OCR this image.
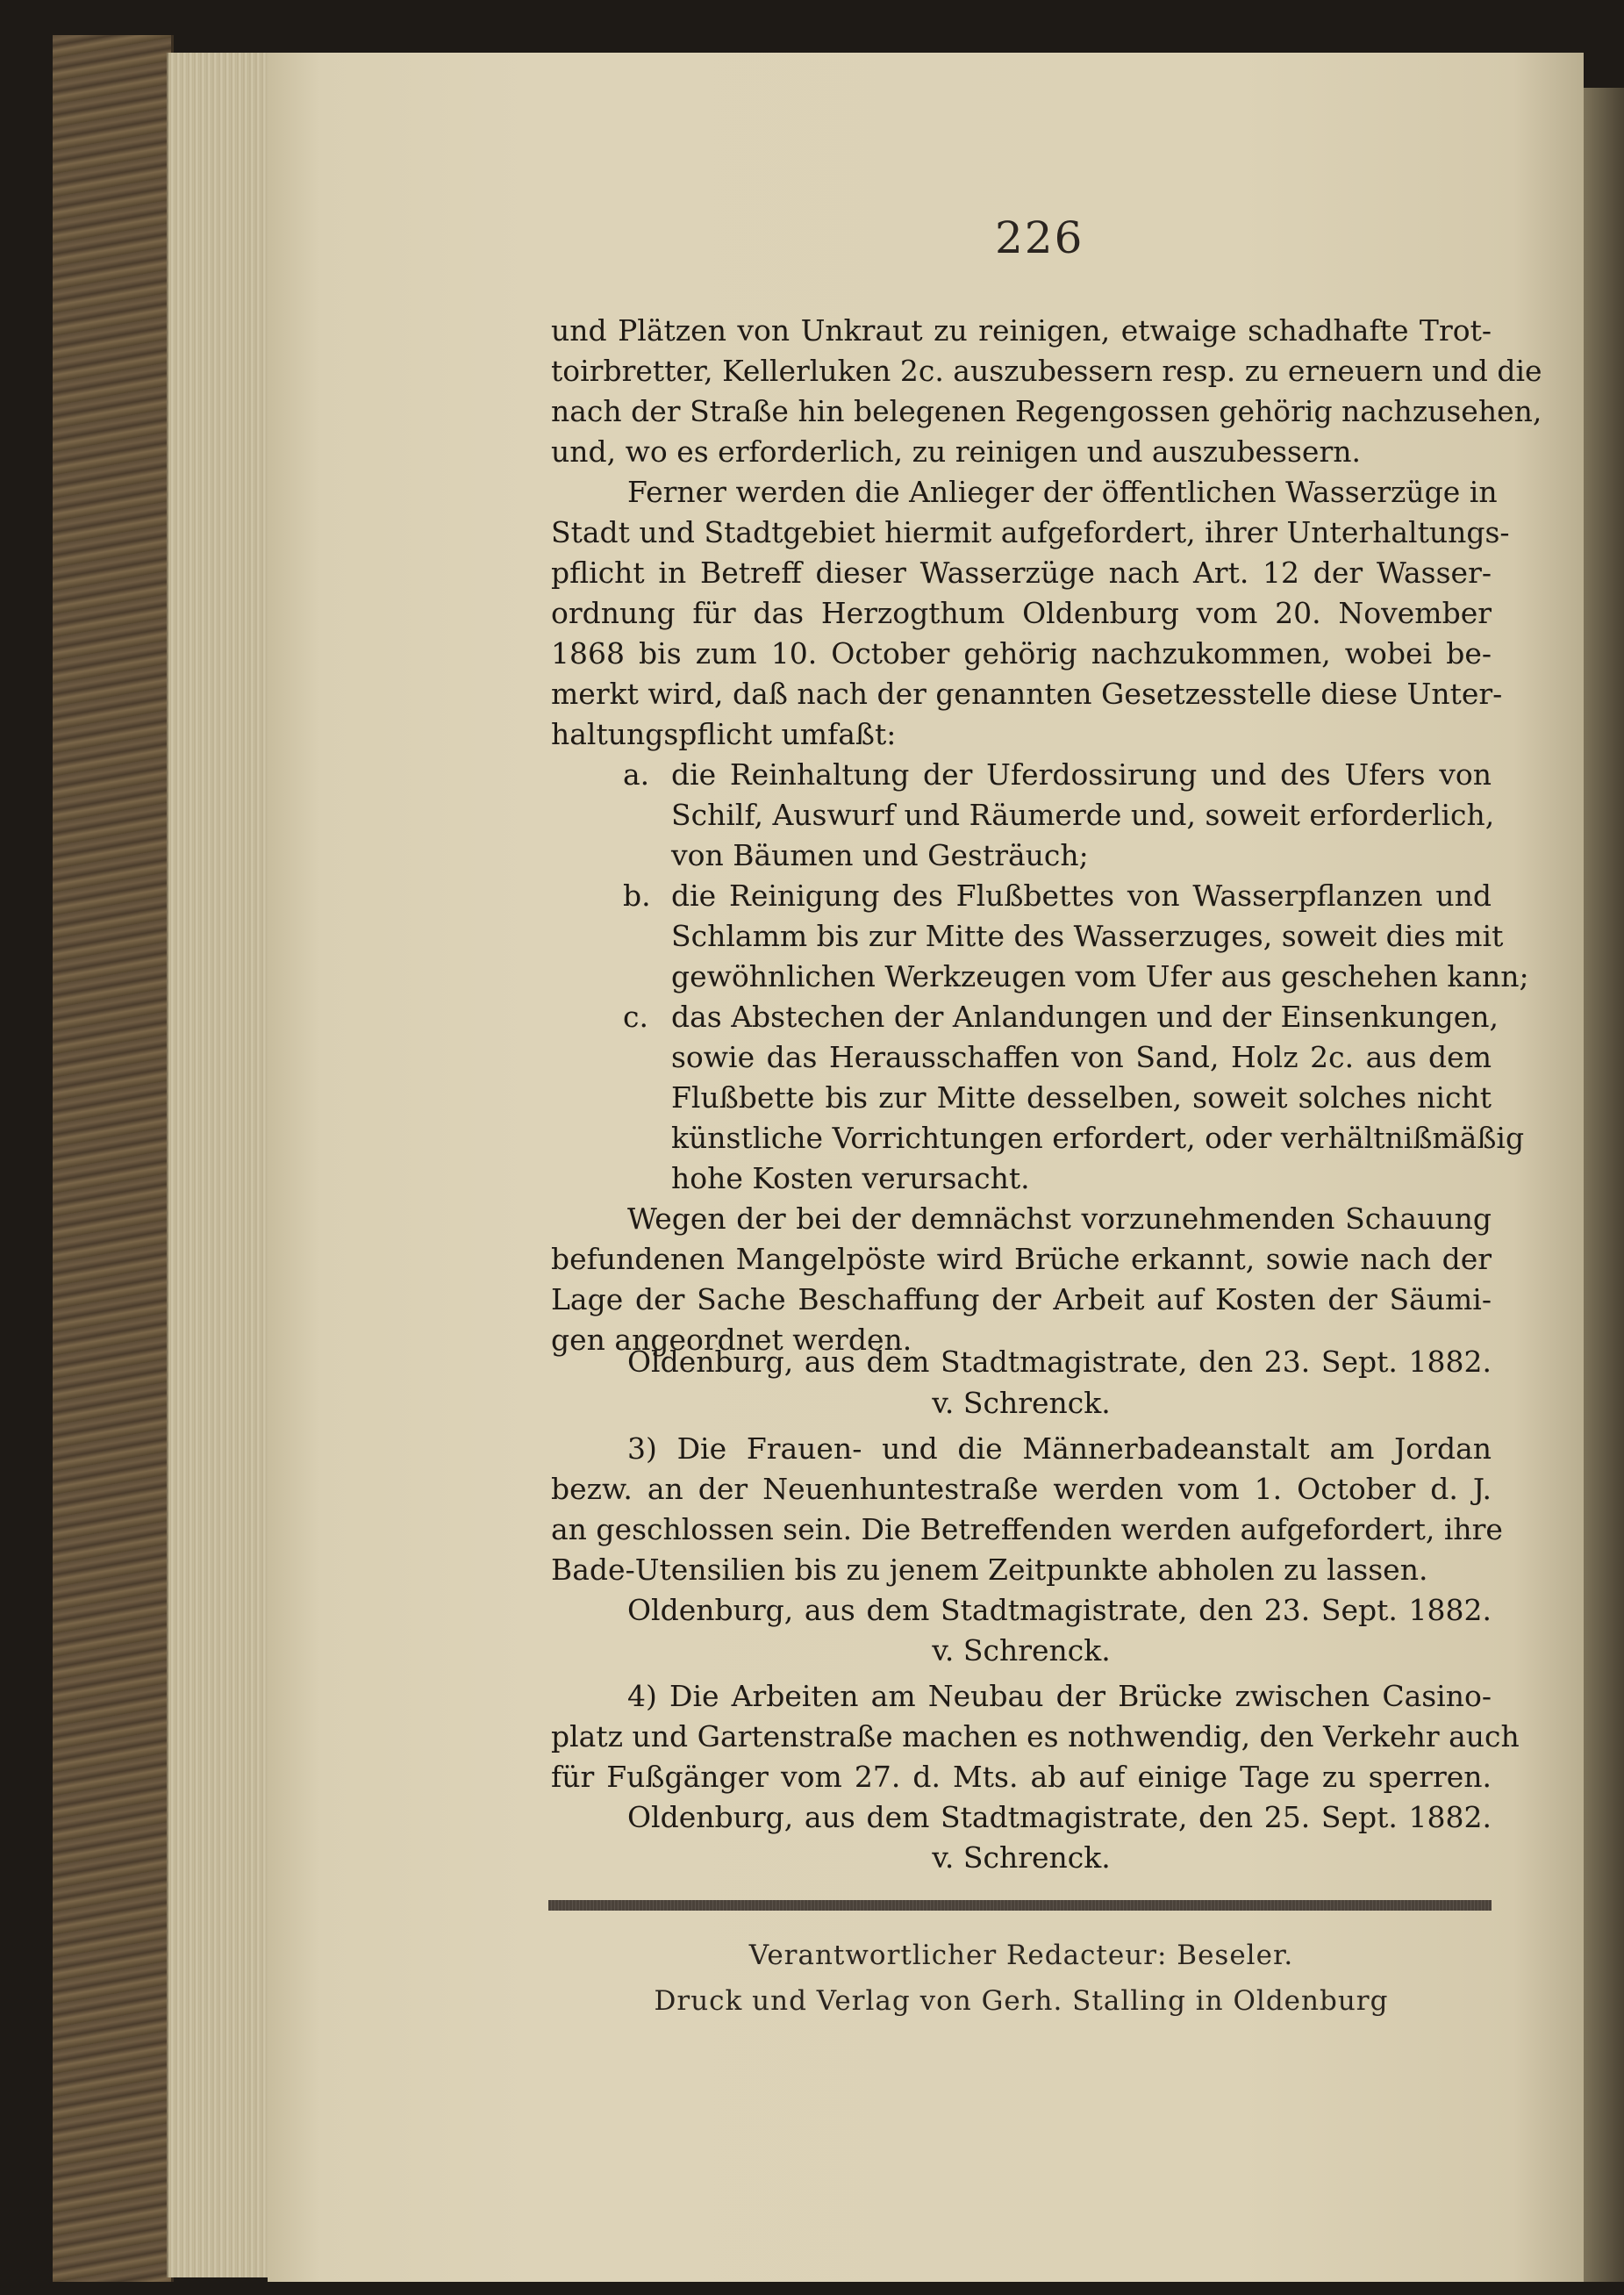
226
und Plätzen von Unkraut zu reinigen, etwaige schadhafte Trot-
toirbretter, Kellerluken 2c. auszubessern resp. zu erneuern und die
nach der Straße hin belegenen Regengossen gehörig nachzusehen,
und, wo es erforderlich, zu reinigen und auszubessern.
Ferner werden die Anlieger der öffentlichen Wasserzüge in
Stadt und Stadtgebiet hiermit aufgefordert, ihrer Unterhaltungs-
pflicht in Betreff dieser Wasserzüge nach Art. 12 der Wasser-
ordnung für das Herzogthum Oldenburg vom 20. November
1868 bis zum 10. October gehörig nachzukommen, wobei be-
merkt wird, daß nach der genannten Gesetzesstelle diese Unter-
haltungspflicht umfaßt:
a. die Reinhaltung der Uferdossirung und des Ufers von
Schilf, Auswurf und Räumerde und, soweit erforderlich,
von Bäumen und Gesträuch;
b. die Reinigung des Flußbettes von Wasserpflanzen und
Schlamm bis zur Mitte des Wasserzuges, soweit dies mit
gewöhnlichen Werkzeugen vom Ufer aus geschehen kann;
c. das Abstechen der Anlandungen und der Einsenkungen,
sowie das Herausschaffen von Sand, Holz 2c. aus dem
Flußbette bis zur Mitte desselben, soweit solches nicht
künstliche Vorrichtungen erfordert, oder verhältnißmäßig
hohe Kosten verursacht.
Wegen der bei der demnächst vorzunehmenden Schauung
befundenen Mangelpöste wird Brüche erkannt, sowie nach der
Lage der Sache Beschaffung der Arbeit auf Kosten der Säumi-
gen angeordnet werden.
Oldenburg, aus dem Stadtmagistrate, den 23. Sept. 1882.
v. Schrenck.
3) Die Frauen- und die Männerbadeanstalt am Jordan
bezw. an der Neuenhuntestraße werden vom 1. October d. J.
an geschlossen sein. Die Betreffenden werden aufgefordert, ihre
Bade-Utensilien bis zu jenem Zeitpunkte abholen zu lassen.
Oldenburg, aus dem Stadtmagistrate, den 23. Sept. 1882.
v. Schrenck.
4) Die Arbeiten am Neubau der Brücke zwischen Casino-
platz und Gartenstraße machen es nothwendig, den Verkehr auch
für Fußgänger vom 27. d. Mts. ab auf einige Tage zu sperren.
Oldenburg, aus dem Stadtmagistrate, den 25. Sept. 1882.
v. Schrenck.
Verantwortlicher Redacteur: Beseler.
Druck und Verlag von Gerh. Stalling in Oldenburg
